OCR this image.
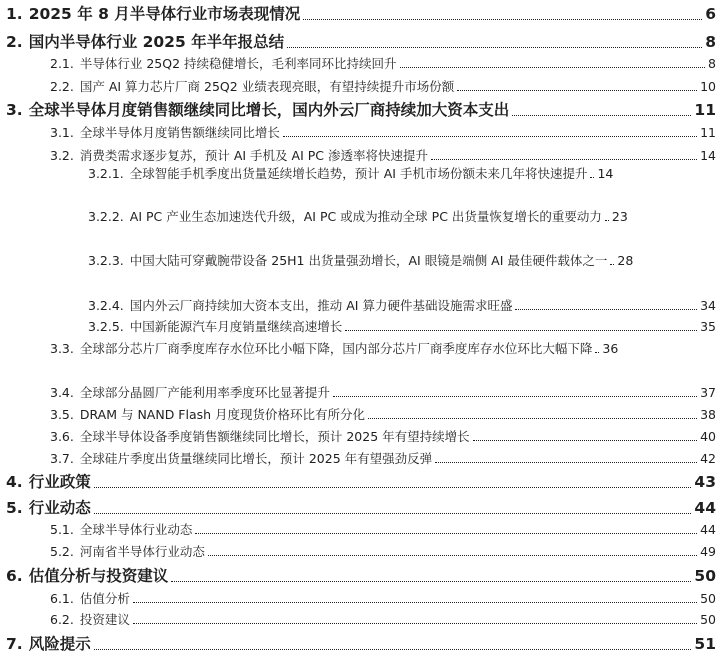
1. 2025 年 8 月半导体行业市场表现情况	6
2. 国内半导体行业 2025 年半年报总结	8
2.1. 半导体行业 25Q2 持续稳健增长，毛利率同环比持续回升	8
2.2. 国产 AI 算力芯片厂商 25Q2 业绩表现亮眼，有望持续提升市场份额	10
3. 全球半导体月度销售额继续同比增长，国内外云厂商持续加大资本支出	11
3.1. 全球半导体月度销售额继续同比增长	11
3.2. 消费类需求逐步复苏，预计 AI 手机及 AI PC 渗透率将快速提升	14
3.2.1. 全球智能手机季度出货量延续增长趋势，预计 AI 手机市场份额未来几年将快速提 升 14
3.2.2. AI PC 产业生态加速迭代升级，AI PC 或成为推动全球 PC 出货量恢复增长的重要 动力 23
3.2.3. 中国大陆可穿戴腕带设备 25H1 出货量强劲增长，AI 眼镜是端侧 AI 最佳硬件载体 之一 28
3.2.4. 国内外云厂商持续加大资本支出，推动 AI 算力硬件基础设施需求旺盛	34
3.2.5. 中国新能源汽车月度销量继续高速增长	35
3.3. 全球部分芯片厂商季度库存水位环比小幅下降，国内部分芯片厂商季度库存水位环比大 幅下降 36
3.4. 全球部分晶圆厂产能利用率季度环比显著提升	37
3.5. DRAM 与 NAND Flash 月度现货价格环比有所分化	38
3.6. 全球半导体设备季度销售额继续同比增长，预计 2025 年有望持续增长	40
3.7. 全球硅片季度出货量继续同比增长，预计 2025 年有望强劲反弹	42
4. 行业政策	43
5. 行业动态	44
5.1. 全球半导体行业动态	44
5.2. 河南省半导体行业动态	49
6. 估值分析与投资建议	50
6.1. 估值分析	50
6.2. 投资建议	50
7. 风险提示	51
